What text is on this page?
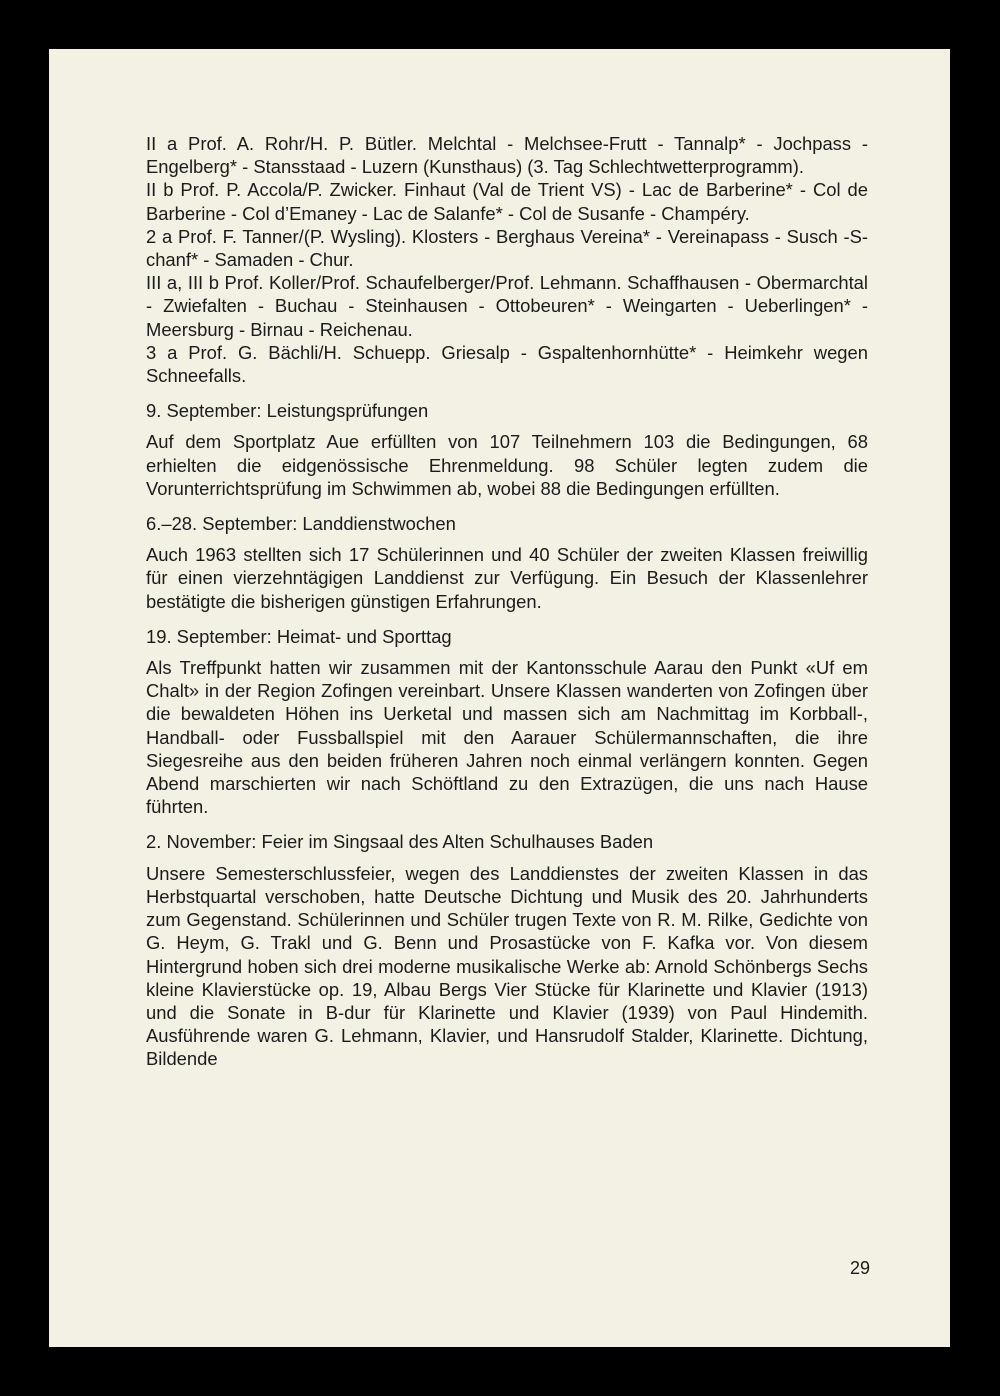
II a Prof. A. Rohr/H. P. Bütler. Melchtal - Melchsee-Frutt - Tannalp* - Jochpass - Engelberg* - Stansstaad - Luzern (Kunsthaus) (3. Tag Schlechtwetterprogramm).

II b Prof. P. Accola/P. Zwicker. Finhaut (Val de Trient VS) - Lac de Barberine* - Col de Barberine - Col d’Emaney - Lac de Salanfe* - Col de Susanfe - Champéry.

2 a Prof. F. Tanner/(P. Wysling). Klosters - Berghaus Vereina* - Vereinapass - Susch -S-chanf* - Samaden - Chur.

III a, III b Prof. Koller/Prof. Schaufelberger/Prof. Lehmann. Schaffhausen - Obermarchtal - Zwiefalten - Buchau - Steinhausen - Ottobeuren* - Weingarten - Ueberlingen* - Meersburg - Birnau - Reichenau.

3 a Prof. G. Bächli/H. Schuepp. Griesalp - Gspaltenhornhütte* - Heimkehr wegen Schneefalls.

9. September: Leistungsprüfungen

Auf dem Sportplatz Aue erfüllten von 107 Teilnehmern 103 die Bedingungen, 68 erhielten die eidgenössische Ehrenmeldung. 98 Schüler legten zudem die Vorunterrichtsprüfung im Schwimmen ab, wobei 88 die Bedingungen erfüllten.

6.–28. September: Landdienstwochen

Auch 1963 stellten sich 17 Schülerinnen und 40 Schüler der zweiten Klassen freiwillig für einen vierzehntägigen Landdienst zur Verfügung. Ein Besuch der Klassenlehrer bestätigte die bisherigen günstigen Erfahrungen.

19. September: Heimat- und Sporttag

Als Treffpunkt hatten wir zusammen mit der Kantonsschule Aarau den Punkt «Uf em Chalt» in der Region Zofingen vereinbart. Unsere Klassen wanderten von Zofingen über die bewaldeten Höhen ins Uerketal und massen sich am Nachmittag im Korbball-, Handball- oder Fussballspiel mit den Aarauer Schülermannschaften, die ihre Siegesreihe aus den beiden früheren Jahren noch einmal verlängern konnten. Gegen Abend marschierten wir nach Schöftland zu den Extrazügen, die uns nach Hause führten.

2. November: Feier im Singsaal des Alten Schulhauses Baden

Unsere Semesterschlussfeier, wegen des Landdienstes der zweiten Klassen in das Herbstquartal verschoben, hatte Deutsche Dichtung und Musik des 20. Jahrhunderts zum Gegenstand. Schülerinnen und Schüler trugen Texte von R. M. Rilke, Gedichte von G. Heym, G. Trakl und G. Benn und Prosastücke von F. Kafka vor. Von diesem Hintergrund hoben sich drei moderne musikalische Werke ab: Arnold Schönbergs Sechs kleine Klavierstücke op. 19, Albau Bergs Vier Stücke für Klarinette und Klavier (1913) und die Sonate in B-dur für Klarinette und Klavier (1939) von Paul Hindemith. Ausführende waren G. Lehmann, Klavier, und Hansrudolf Stalder, Klarinette. Dichtung, Bildende

29
